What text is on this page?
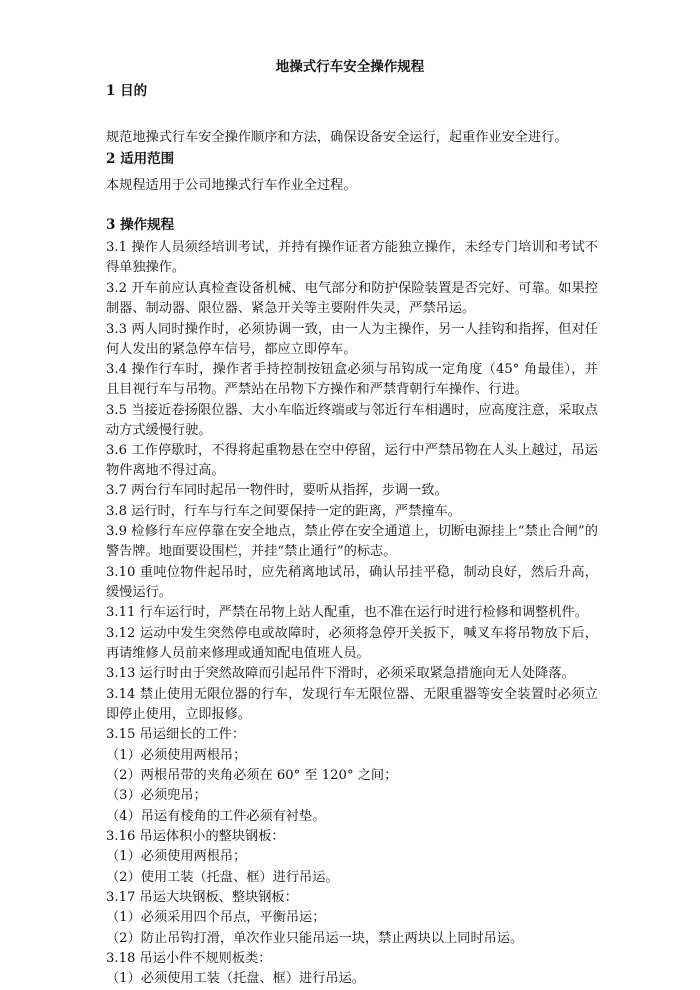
地操式行车安全操作规程
1 目的
规范地操式行车安全操作顺序和方法，确保设备安全运行，起重作业安全进行。
2 适用范围
本规程适用于公司地操式行车作业全过程。
3 操作规程
3.1 操作人员须经培训考试，并持有操作证者方能独立操作，未经专门培训和考试不得单独操作。
3.2 开车前应认真检查设备机械、电气部分和防护保险装置是否完好、可靠。如果控制器、制动器、限位器、紧急开关等主要附件失灵，严禁吊运。
3.3 两人同时操作时，必须协调一致，由一人为主操作，另一人挂钩和指挥，但对任何人发出的紧急停车信号，都应立即停车。
3.4 操作行车时，操作者手持控制按钮盒必须与吊钩成一定角度（45° 角最佳），并且目视行车与吊物。严禁站在吊物下方操作和严禁背朝行车操作、行进。
3.5 当接近卷扬限位器、大小车临近终端或与邻近行车相遇时，应高度注意，采取点动方式缓慢行驶。
3.6 工作停歇时，不得将起重物悬在空中停留，运行中严禁吊物在人头上越过，吊运物件离地不得过高。
3.7 两台行车同时起吊一物件时，要听从指挥，步调一致。
3.8 运行时，行车与行车之间要保持一定的距离，严禁撞车。
3.9 检修行车应停靠在安全地点，禁止停在安全通道上，切断电源挂上“禁止合闸”的警告牌。地面要设围栏，并挂“禁止通行”的标志。
3.10 重吨位物件起吊时，应先稍离地试吊，确认吊挂平稳，制动良好，然后升高，缓慢运行。
3.11 行车运行时，严禁在吊物上站人配重，也不准在运行时进行检修和调整机件。
3.12 运动中发生突然停电或故障时，必须将急停开关扳下，喊叉车将吊物放下后，再请维修人员前来修理或通知配电值班人员。
3.13 运行时由于突然故障而引起吊件下滑时，必须采取紧急措施向无人处降落。
3.14 禁止使用无限位器的行车，发现行车无限位器、无限重器等安全装置时必须立即停止使用，立即报修。
3.15 吊运细长的工件：
（1）必须使用两根吊；
（2）两根吊带的夹角必须在 60° 至 120° 之间；
（3）必须兜吊；
（4）吊运有棱角的工件必须有衬垫。
3.16 吊运体积小的整块钢板：
（1）必须使用两根吊；
（2）使用工装（托盘、框）进行吊运。
3.17 吊运大块钢板、整块钢板：
（1）必须采用四个吊点，平衡吊运；
（2）防止吊钩打滑，单次作业只能吊运一块，禁止两块以上同时吊运。
3.18 吊运小件不规则板类：
（1）必须使用工装（托盘、框）进行吊运。
